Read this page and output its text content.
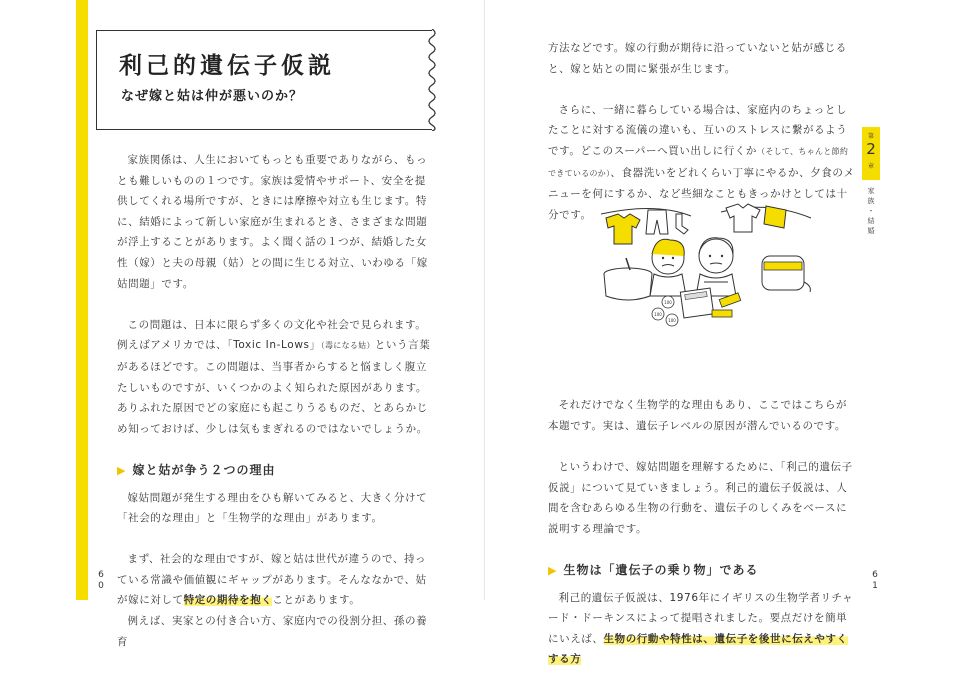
利己的遺伝子仮説
なぜ嫁と姑は仲が悪いのか？

家族関係は、人生においてもっとも重要でありながら、もっとも難しいものの１つです。家族は愛情やサポート、安全を提供してくれる場所ですが、ときには摩擦や対立も生じます。特に、結婚によって新しい家庭が生まれるとき、さまざまな問題が浮上することがあります。よく聞く話の１つが、結婚した女性（嫁）と夫の母親（姑）との間に生じる対立、いわゆる「嫁姑問題」です。

この問題は、日本に限らず多くの文化や社会で見られます。例えばアメリカでは、「Toxic In-Lows」（毒になる姑）という言葉があるほどです。この問題は、当事者からすると悩ましく腹立たしいものですが、いくつかのよく知られた原因があります。ありふれた原因でどの家庭にも起こりうるものだ、とあらかじめ知っておけば、少しは気もまぎれるのではないでしょうか。

▶ 嫁と姑が争う２つの理由

嫁姑問題が発生する理由をひも解いてみると、大きく分けて「社会的な理由」と「生物学的な理由」があります。

まず、社会的な理由ですが、嫁と姑は世代が違うので、持っている常識や価値観にギャップがあります。そんななかで、姑が嫁に対して特定の期待を抱くことがあります。

例えば、実家との付き合い方、家庭内での役割分担、孫の養育

6
0

方法などです。嫁の行動が期待に沿っていないと姑が感じると、嫁と姑との間に緊張が生じます。

さらに、一緒に暮らしている場合は、家庭内のちょっとしたことに対する流儀の違いも、互いのストレスに繋がるようです。どこのスーパーへ買い出しに行くか（そして、ちゃんと節約できているのか）、食器洗いをどれくらい丁寧にやるか、夕食のメニューを何にするか、など些細なこともきっかけとしては十分です。

それだけでなく生物学的な理由もあり、ここではこちらが本題です。実は、遺伝子レベルの原因が潜んでいるのです。

というわけで、嫁姑問題を理解するために、「利己的遺伝子仮説」について見ていきましょう。利己的遺伝子仮説は、人間を含むあらゆる生物の行動を、遺伝子のしくみをベースに説明する理論です。

▶ 生物は「遺伝子の乗り物」である

利己的遺伝子仮説は、1976年にイギリスの生物学者リチャード・ドーキンスによって提唱されました。要点だけを簡単にいえば、生物の行動や特性は、遺伝子を後世に伝えやすくする方

第
2
章
家
族
・
結
婚
6
1
100
100
100
